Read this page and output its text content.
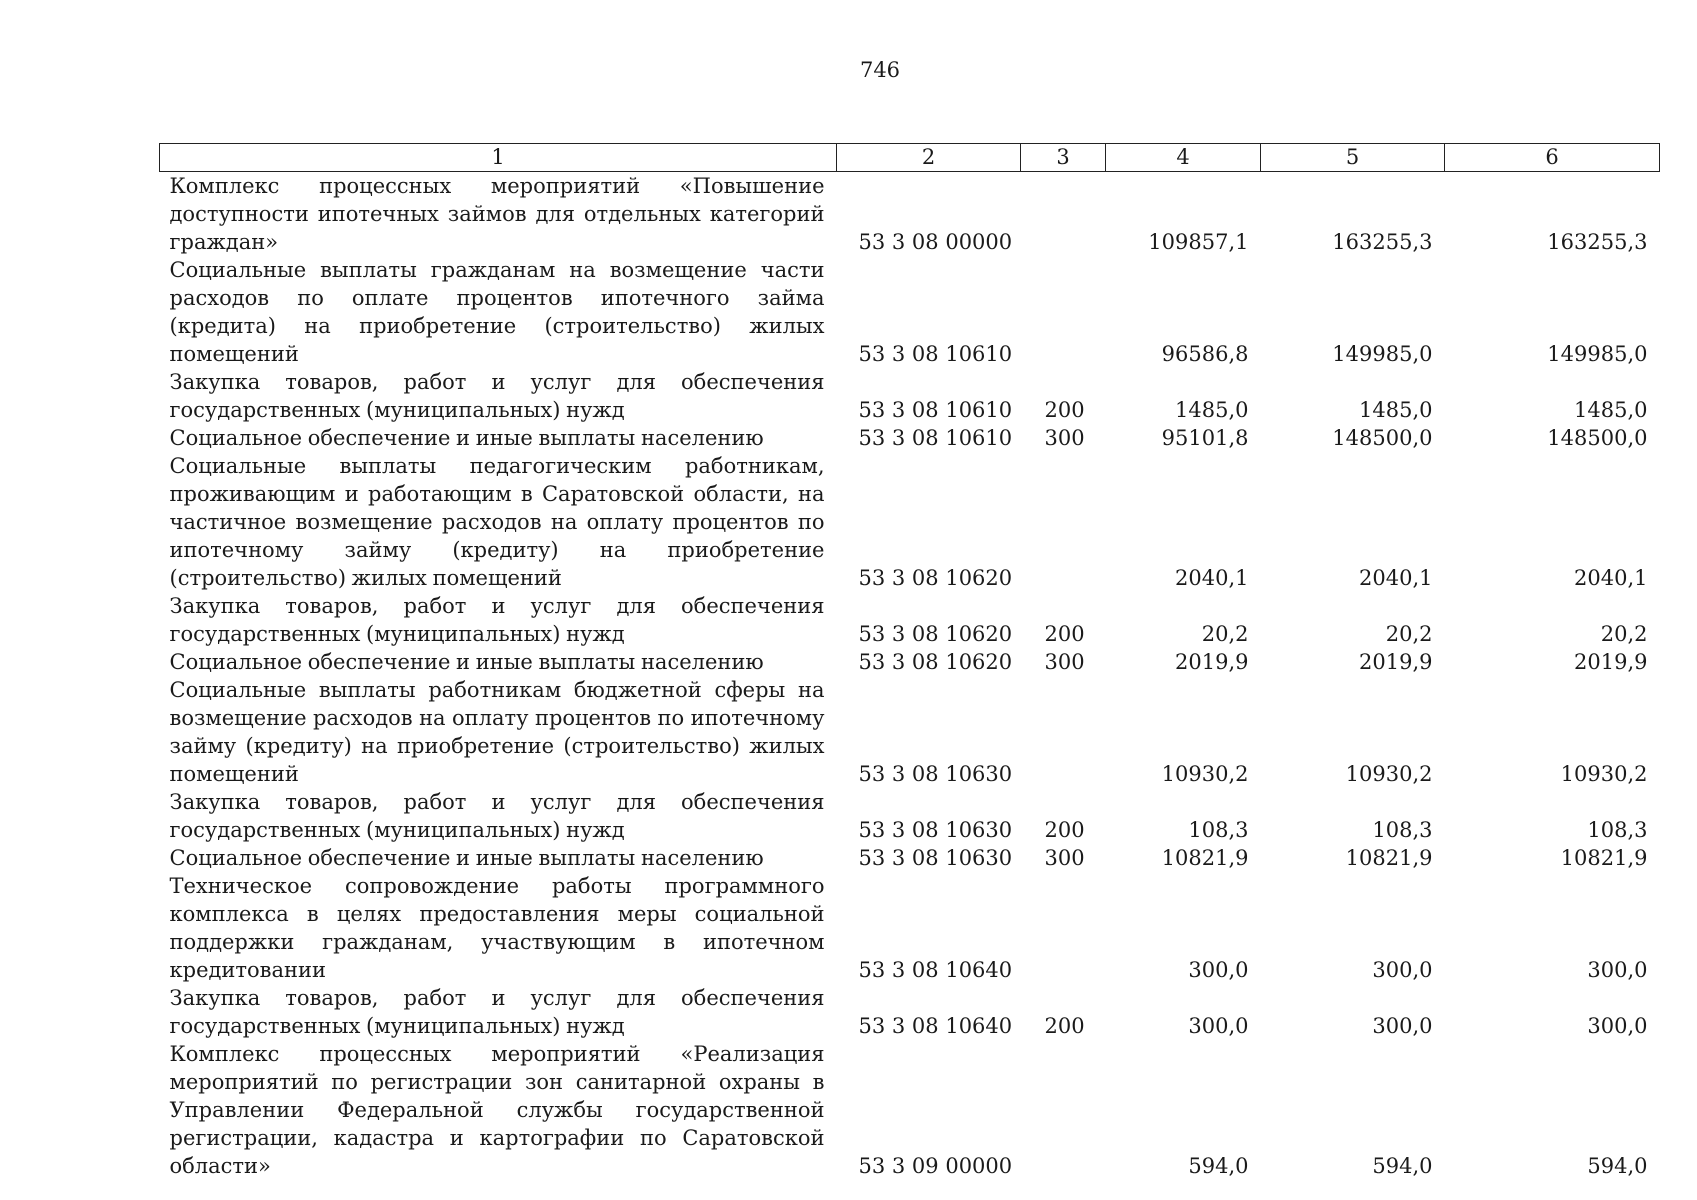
746
1	2	3	4	5	6
Комплекс процессных мероприятий «Повышение доступности ипотечных займов для отдельных категорий граждан»	53 3 08 00000		109857,1	163255,3	163255,3
Социальные выплаты гражданам на возмещение части расходов по оплате процентов ипотечного займа (кредита) на приобретение (строительство) жилых помещений	53 3 08 10610		96586,8	149985,0	149985,0
Закупка товаров, работ и услуг для обеспечения государственных (муниципальных) нужд	53 3 08 10610	200	1485,0	1485,0	1485,0
Социальное обеспечение и иные выплаты населению	53 3 08 10610	300	95101,8	148500,0	148500,0
Социальные выплаты педагогическим работникам, проживающим и работающим в Саратовской области, на частичное возмещение расходов на оплату процентов по ипотечному займу (кредиту) на приобретение (строительство) жилых помещений	53 3 08 10620		2040,1	2040,1	2040,1
Закупка товаров, работ и услуг для обеспечения государственных (муниципальных) нужд	53 3 08 10620	200	20,2	20,2	20,2
Социальное обеспечение и иные выплаты населению	53 3 08 10620	300	2019,9	2019,9	2019,9
Социальные выплаты работникам бюджетной сферы на возмещение расходов на оплату процентов по ипотечному займу (кредиту) на приобретение (строительство) жилых помещений	53 3 08 10630		10930,2	10930,2	10930,2
Закупка товаров, работ и услуг для обеспечения государственных (муниципальных) нужд	53 3 08 10630	200	108,3	108,3	108,3
Социальное обеспечение и иные выплаты населению	53 3 08 10630	300	10821,9	10821,9	10821,9
Техническое сопровождение работы программного комплекса в целях предоставления меры социальной поддержки гражданам, участвующим в ипотечном кредитовании	53 3 08 10640		300,0	300,0	300,0
Закупка товаров, работ и услуг для обеспечения государственных (муниципальных) нужд	53 3 08 10640	200	300,0	300,0	300,0
Комплекс процессных мероприятий «Реализация мероприятий по регистрации зон санитарной охраны в Управлении Федеральной службы государственной регистрации, кадастра и картографии по Саратовской области»	53 3 09 00000		594,0	594,0	594,0
